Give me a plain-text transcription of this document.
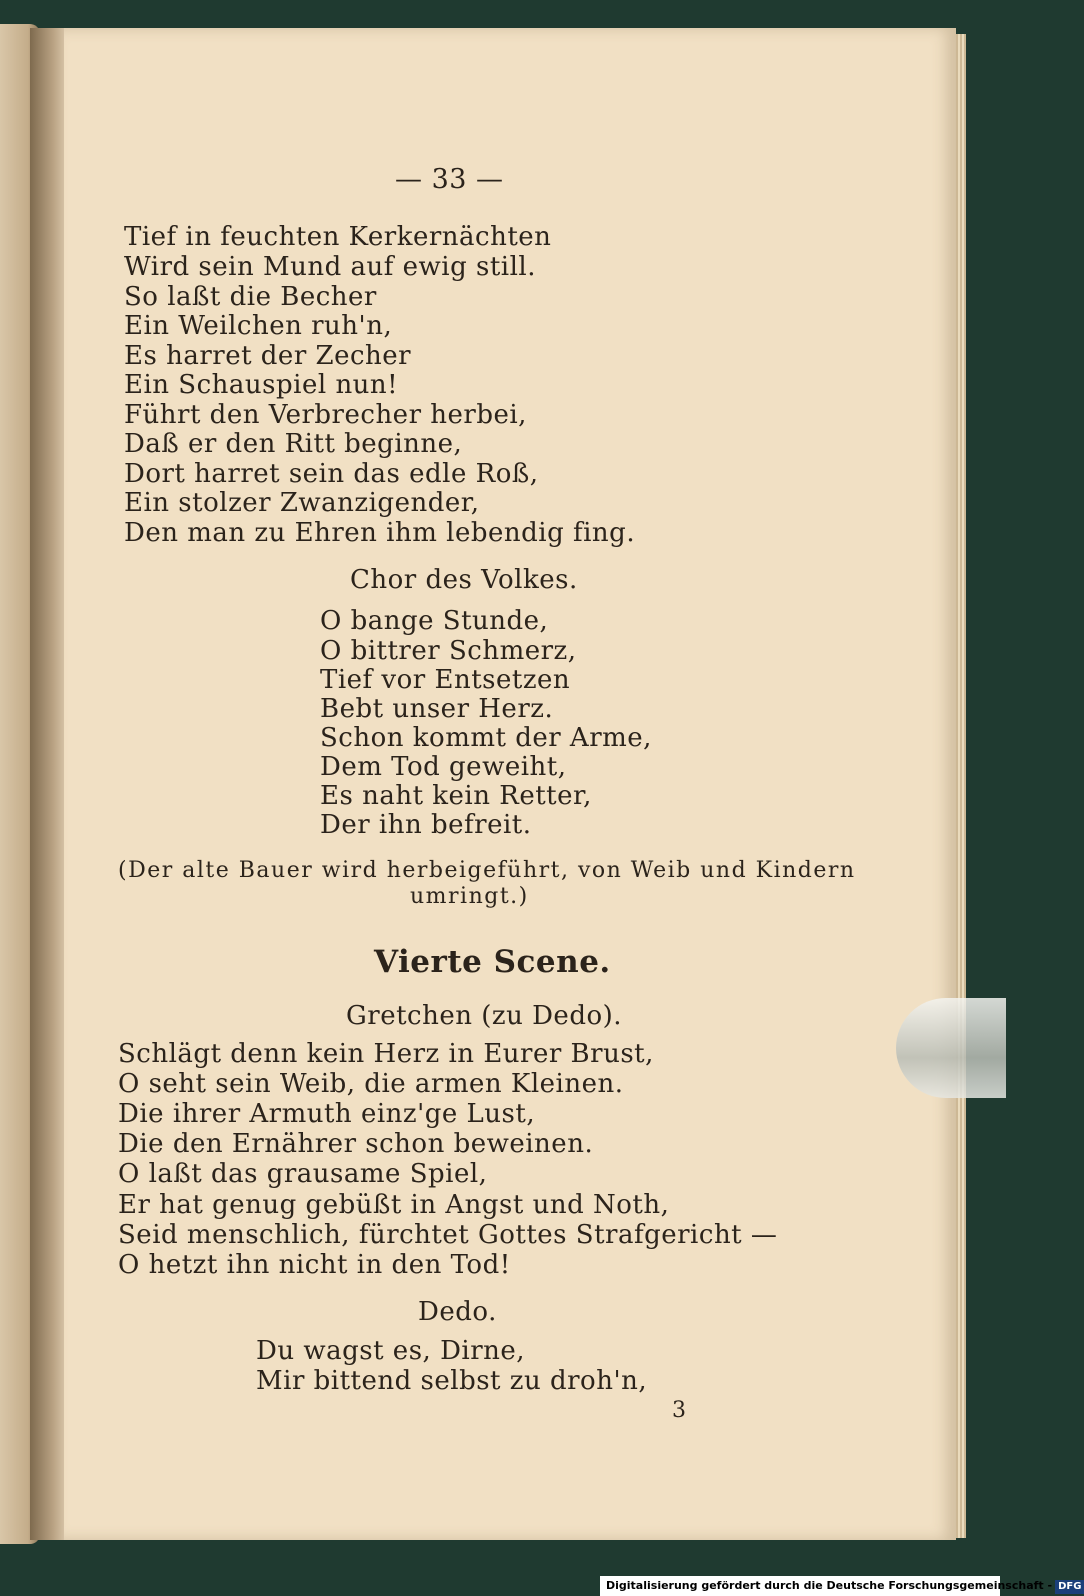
— 33 —
Tief in feuchten Kerkernächten
Wird sein Mund auf ewig still.
So laßt die Becher
Ein Weilchen ruh'n,
Es harret der Zecher
Ein Schauspiel nun!
Führt den Verbrecher herbei,
Daß er den Ritt beginne,
Dort harret sein das edle Roß,
Ein stolzer Zwanzigender,
Den man zu Ehren ihm lebendig fing.
Chor des Volkes.
O bange Stunde,
O bittrer Schmerz,
Tief vor Entsetzen
Bebt unser Herz.
Schon kommt der Arme,
Dem Tod geweiht,
Es naht kein Retter,
Der ihn befreit.
(Der alte Bauer wird herbeigeführt, von Weib und Kindern
umringt.)
Vierte Scene.
Gretchen (zu Dedo).
Schlägt denn kein Herz in Eurer Brust,
O seht sein Weib, die armen Kleinen.
Die ihrer Armuth einz'ge Lust,
Die den Ernährer schon beweinen.
O laßt das grausame Spiel,
Er hat genug gebüßt in Angst und Noth,
Seid menschlich, fürchtet Gottes Strafgericht —
O hetzt ihn nicht in den Tod!
Dedo.
Du wagst es, Dirne,
Mir bittend selbst zu droh'n,
3
Digitalisierung gefördert durch die Deutsche Forschungsgemeinschaft - DFG
